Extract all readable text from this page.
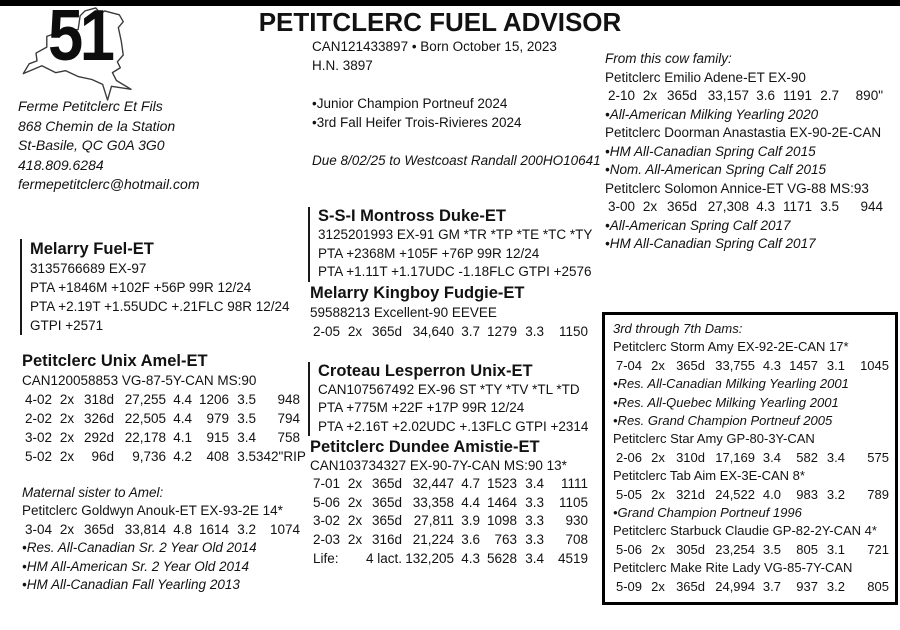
PETITCLERC FUEL ADVISOR
51
Ferme Petitclerc Et Fils
868 Chemin de la Station
St-Basile, QC G0A 3G0
418.809.6284
fermepetitclerc@hotmail.com
CAN121433897 • Born October 15, 2023
H.N. 3897
•Junior Champion Portneuf 2024
•3rd Fall Heifer Trois-Rivieres 2024
Due 8/02/25 to Westcoast Randall 200HO10641
From this cow family:
Petitclerc Emilio Adene-ET EX-90
2-10 2x 365d 33,157 3.6 1191 2.7	890"
•All-American Milking Yearling 2020
Petitclerc Doorman Anastastia EX-90-2E-CAN
•HM All-Canadian Spring Calf 2015
•Nom. All-American Spring Calf 2015
Petitclerc Solomon Annice-ET VG-88 MS:93
3-00 2x 365d 27,308 4.3 1171 3.5	944
•All-American Spring Calf 2017
•HM All-Canadian Spring Calf 2017
Melarry Fuel-ET
3135766689 EX-97
PTA +1846M +102F +56P 99R 12/24
PTA +2.19T +1.55UDC +.21FLC 98R 12/24
GTPI +2571
Petitclerc Unix Amel-ET
CAN120058853 VG-87-5Y-CAN MS:90
4-02 2x 318d 27,255 4.4 1206 3.5	948
2-02 2x 326d 22,505 4.4	979 3.5	794
3-02 2x 292d 22,178 4.1	915 3.4	758
5-02 2x	96d	9,736 4.2	408 3.5 342"RIP
Maternal sister to Amel:
Petitclerc Goldwyn Anouk-ET EX-93-2E 14*
3-04 2x 365d 33,814 4.8 1614 3.2	1074
•Res. All-Canadian Sr. 2 Year Old 2014
•HM All-American Sr. 2 Year Old 2014
•HM All-Canadian Fall Yearling 2013
S-S-I Montross Duke-ET
3125201993 EX-91 GM *TR *TP *TE *TC *TY
PTA +2368M +105F +76P 99R 12/24
PTA +1.11T +1.17UDC -1.18FLC GTPI +2576
Melarry Kingboy Fudgie-ET
59588213 Excellent-90 EEVEE
2-05 2x 365d 34,640 3.7 1279 3.3	1150
Croteau Lesperron Unix-ET
CAN107567492 EX-96 ST *TY *TV *TL *TD
PTA +775M +22F +17P 99R 12/24
PTA +2.16T +2.02UDC +.13FLC GTPI +2314
Petitclerc Dundee Amistie-ET
CAN103734327 EX-90-7Y-CAN MS:90 13*
7-01 2x 365d 32,447 4.7 1523 3.4	1111
5-06 2x 365d 33,358 4.4 1464 3.3	1105
3-02 2x 365d 27,811 3.9 1098 3.3	930
2-03 2x 316d 21,224 3.6	763 3.3	708
Life:	4 lact. 132,205 4.3 5628 3.4	4519
3rd through 7th Dams:
Petitclerc Storm Amy EX-92-2E-CAN 17*
7-04 2x 365d 33,755 4.3 1457 3.1	1045
•Res. All-Canadian Milking Yearling 2001
•Res. All-Quebec Milking Yearling 2001
•Res. Grand Champion Portneuf 2005
Petitclerc Star Amy GP-80-3Y-CAN
2-06 2x 310d 17,169 3.4	582 3.4	575
Petitclerc Tab Aim EX-3E-CAN 8*
5-05 2x 321d 24,522 4.0	983 3.2	789
•Grand Champion Portneuf 1996
Petitclerc Starbuck Claudie GP-82-2Y-CAN 4*
5-06 2x 305d 23,254 3.5	805 3.1	721
Petitclerc Make Rite Lady VG-85-7Y-CAN
5-09 2x 365d 24,994 3.7	937 3.2	805
